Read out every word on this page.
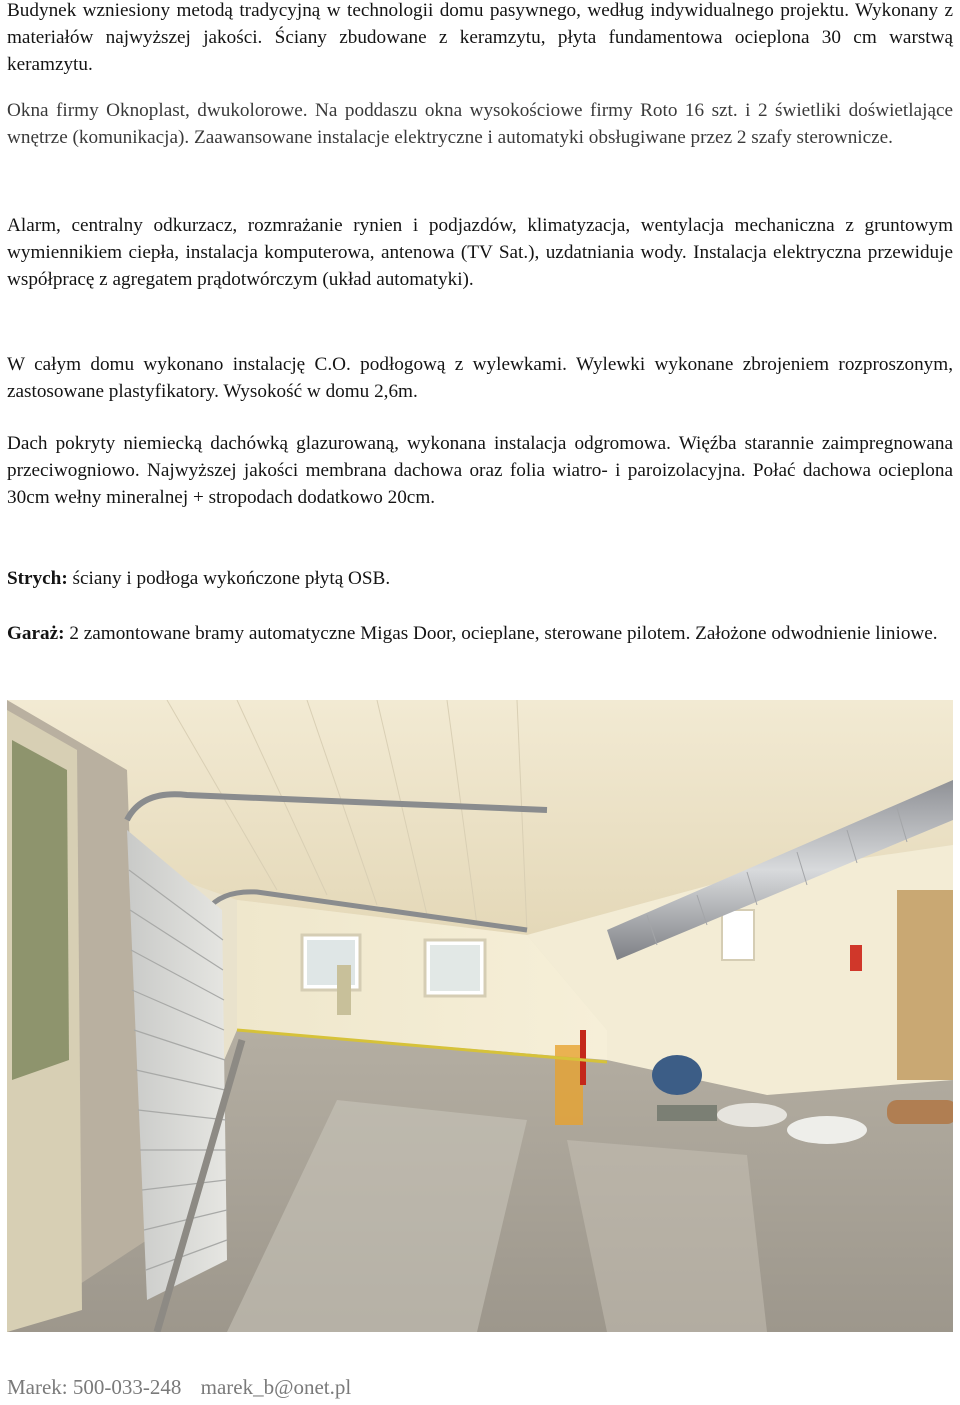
Budynek wzniesiony metodą tradycyjną w technologii domu pasywnego, według indywidualnego projektu. Wykonany z materiałów najwyższej jakości. Ściany zbudowane z keramzytu, płyta fundamentowa ocieplona 30 cm warstwą keramzytu.

Okna firmy Oknoplast, dwukolorowe. Na poddaszu okna wysokościowe firmy Roto 16 szt. i 2 świetliki doświetlające wnętrze (komunikacja). Zaawansowane instalacje elektryczne i automatyki obsługiwane przez 2 szafy sterownicze.

Alarm, centralny odkurzacz, rozmrażanie rynien i podjazdów, klimatyzacja, wentylacja mechaniczna z gruntowym wymiennikiem ciepła, instalacja komputerowa, antenowa (TV Sat.), uzdatniania wody. Instalacja elektryczna przewiduje współpracę z agregatem prądotwórczym (układ automatyki).

W całym domu wykonano instalację C.O. podłogową z wylewkami. Wylewki wykonane zbrojeniem rozproszonym, zastosowane plastyfikatory. Wysokość w domu 2,6m.

Dach pokryty niemiecką dachówką glazurowaną, wykonana instalacja odgromowa. Więźba starannie zaimpregnowana przeciwogniowo. Najwyższej jakości membrana dachowa oraz folia wiatro- i paroizolacyjna. Połać dachowa ocieplona 30cm wełny mineralnej + stropodach dodatkowo 20cm.

Strych: ściany i podłoga wykończone płytą OSB.

Garaż: 2 zamontowane bramy automatyczne Migas Door, ocieplane, sterowane pilotem. Założone odwodnienie liniowe.

Marek: 500-033-248 marek_b@onet.pl
